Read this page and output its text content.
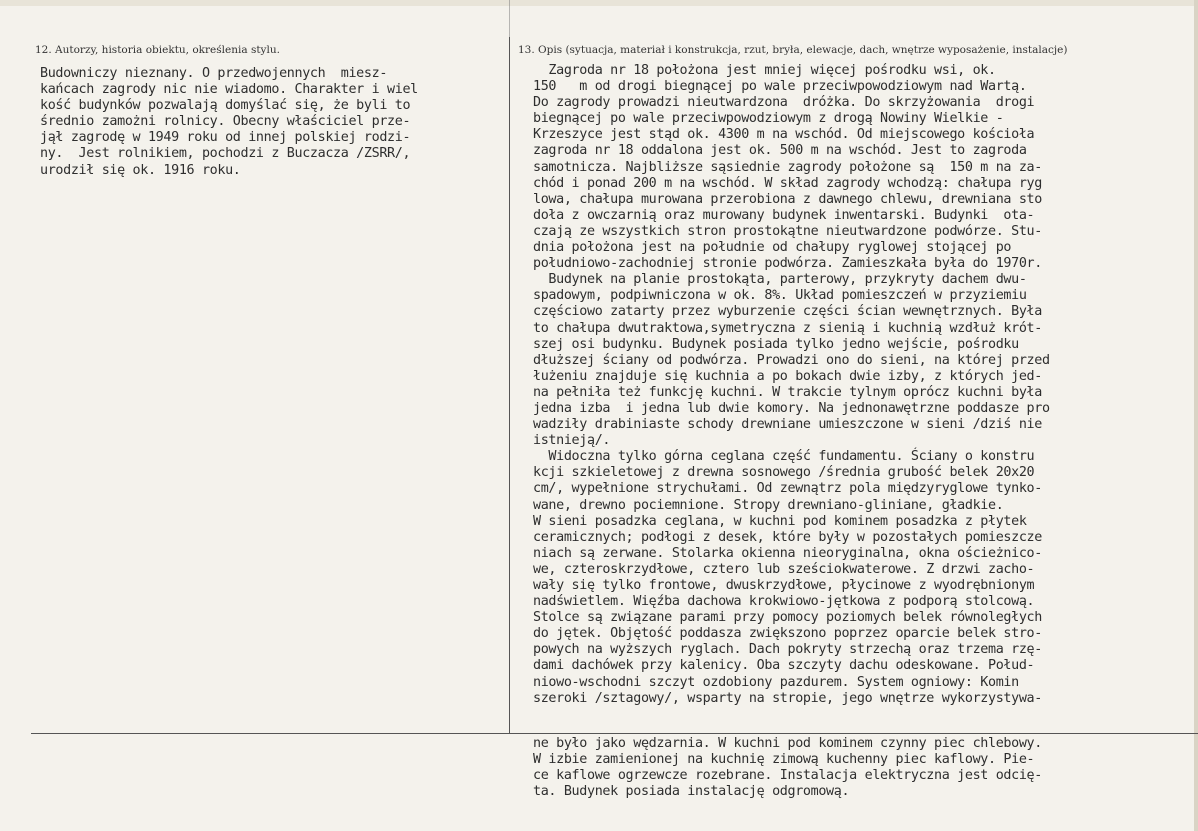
12. Autorzy, historia obiektu, określenia stylu.	13. Opis (sytuacja, materiał i konstrukcja, rzut, bryła, elewacje, dach, wnętrze wyposażenie, instalacje)
Budowniczy nieznany. O przedwojennych  miesz-
kańcach zagrody nic nie wiadomo. Charakter i wiel
kość budynków pozwalają domyślać się, że byli to
średnio zamożni rolnicy. Obecny właściciel prze-
jął zagrodę w 1949 roku od innej polskiej rodzi-
ny.  Jest rolnikiem, pochodzi z Buczacza /ZSRR/,
urodził się ok. 1916 roku.
Zagroda nr 18 położona jest mniej więcej pośrodku wsi, ok.
150   m od drogi biegnącej po wale przeciwpowodziowym nad Wartą.
Do zagrody prowadzi nieutwardzona  dróżka. Do skrzyżowania  drogi
biegnącej po wale przeciwpowodziowym z drogą Nowiny Wielkie -
Krzeszyce jest stąd ok. 4300 m na wschód. Od miejscowego kościoła
zagroda nr 18 oddalona jest ok. 500 m na wschód. Jest to zagroda
samotnicza. Najbliższe sąsiednie zagrody położone są  150 m na za-
chód i ponad 200 m na wschód. W skład zagrody wchodzą: chałupa ryg
lowa, chałupa murowana przerobiona z dawnego chlewu, drewniana sto
doła z owczarnią oraz murowany budynek inwentarski. Budynki  ota-
czają ze wszystkich stron prostokątne nieutwardzone podwórze. Stu-
dnia położona jest na południe od chałupy ryglowej stojącej po
południowo-zachodniej stronie podwórza. Zamieszkała była do 1970r.
Budynek na planie prostokąta, parterowy, przykryty dachem dwu-
spadowym, podpiwniczona w ok. 8%. Układ pomieszczeń w przyziemiu
częściowo zatarty przez wyburzenie części ścian wewnętrznych. Była
to chałupa dwutraktowa,symetryczna z sienią i kuchnią wzdłuż krót-
szej osi budynku. Budynek posiada tylko jedno wejście, pośrodku
dłuższej ściany od podwórza. Prowadzi ono do sieni, na której przed
łużeniu znajduje się kuchnia a po bokach dwie izby, z których jed-
na pełniła też funkcję kuchni. W trakcie tylnym oprócz kuchni była
jedna izba  i jedna lub dwie komory. Na jednonawętrzne poddasze pro
wadziły drabiniaste schody drewniane umieszczone w sieni /dziś nie
istnieją/.
Widoczna tylko górna ceglana część fundamentu. Ściany o konstru
kcji szkieletowej z drewna sosnowego /średnia grubość belek 20x20
cm/, wypełnione strychułami. Od zewnątrz pola międzyryglowe tynko-
wane, drewno pociemnione. Stropy drewniano-gliniane, gładkie.
W sieni posadzka ceglana, w kuchni pod kominem posadzka z płytek
ceramicznych; podłogi z desek, które były w pozostałych pomieszcze
niach są zerwane. Stolarka okienna nieoryginalna, okna ościeżnico-
we, czteroskrzydłowe, cztero lub sześciokwaterowe. Z drzwi zacho-
wały się tylko frontowe, dwuskrzydłowe, płycinowe z wyodrębnionym
nadświetlem. Więźba dachowa krokwiowo-jętkowa z podporą stolcową.
Stolce są związane parami przy pomocy poziomych belek równoległych
do jętek. Objętość poddasza zwiększono poprzez oparcie belek stro-
powych na wyższych ryglach. Dach pokryty strzechą oraz trzema rzę-
dami dachówek przy kalenicy. Oba szczyty dachu odeskowane. Połud-
niowo-wschodni szczyt ozdobiony pazdurem. System ogniowy: Komin
szeroki /sztagowy/, wsparty na stropie, jego wnętrze wykorzystywa-
ne było jako wędzarnia. W kuchni pod kominem czynny piec chlebowy.
W izbie zamienionej na kuchnię zimową kuchenny piec kaflowy. Pie-
ce kaflowe ogrzewcze rozebrane. Instalacja elektryczna jest odcię-
ta. Budynek posiada instalację odgromową.
